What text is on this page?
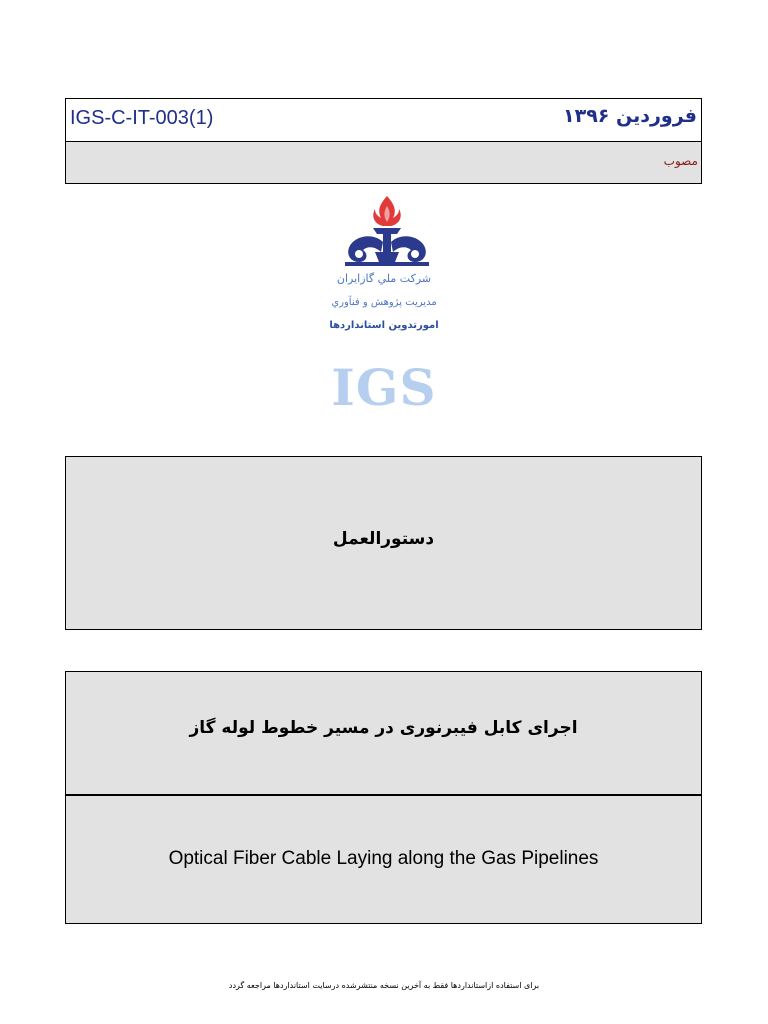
IGS-C-IT-003(1)	فروردین ۱۳۹۶
مصوب
شرکت ملي گازايران
مديريت پژوهش و فنآوري
امورتدوين استانداردها
IGS
دستورالعمل
اجرای کابل فیبرنوری در مسیر خطوط لوله گاز
Optical Fiber Cable Laying along the Gas Pipelines
برای استفاده ازاستانداردها فقط به آخرین نسخه منتشرشده درسایت استانداردها مراجعه گردد
